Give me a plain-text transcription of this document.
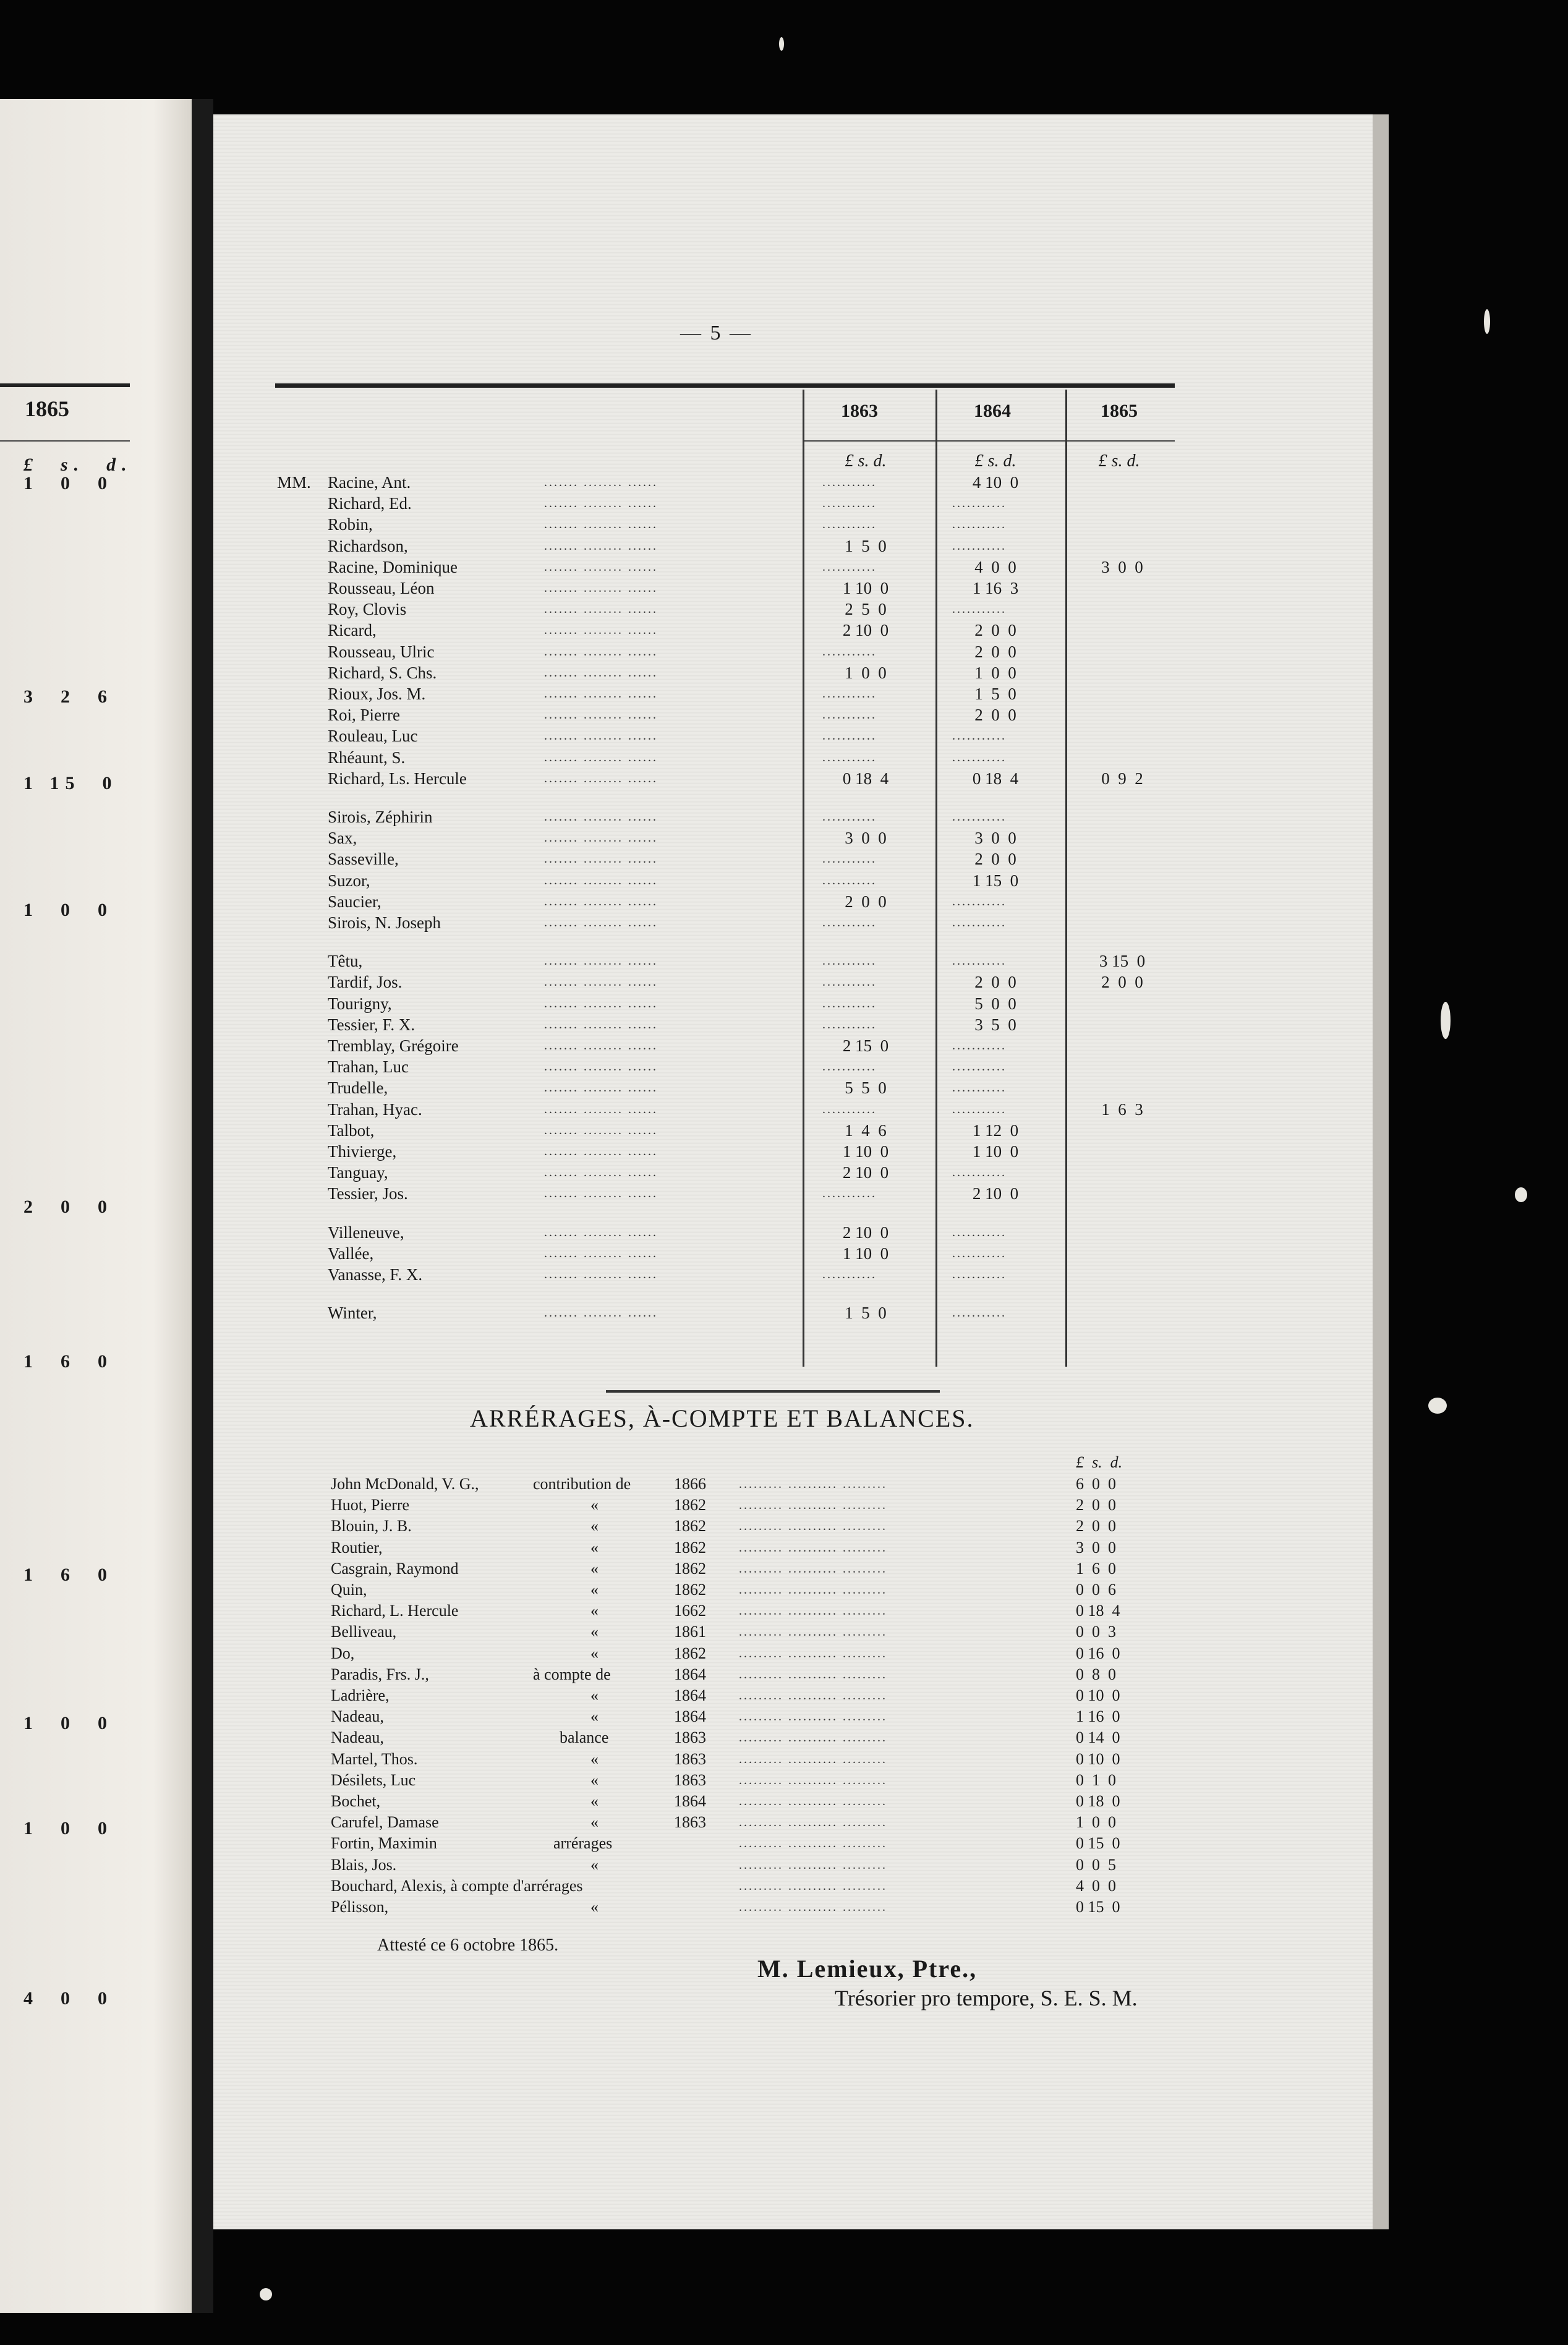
1865
£  s.  d.
1  0  0
3  2  6
1 15  0
1  0  0
2  0  0
1  6  0
1  6  0
1  0  0
1  0  0
4  0  0
— 5 —
1863	1864	1865
£ s. d.	£ s. d.	£ s. d.
MM. Racine, Ant.	....... ........ ......	...........	4 10  0
Richard, Ed.	....... ........ ......	...........	...........
Robin,	....... ........ ......	...........	...........
Richardson,	....... ........ ......	1  5  0	...........
Racine, Dominique	....... ........ ......	...........	4  0  0	3  0  0
Rousseau, Léon	....... ........ ......	1 10  0	1 16  3
Roy, Clovis	....... ........ ......	2  5  0	...........
Ricard,	....... ........ ......	2 10  0	2  0  0
Rousseau, Ulric	....... ........ ......	...........	2  0  0
Richard, S. Chs.	....... ........ ......	1  0  0	1  0  0
Rioux, Jos. M.	....... ........ ......	...........	1  5  0
Roi, Pierre	....... ........ ......	...........	2  0  0
Rouleau, Luc	....... ........ ......	...........	...........
Rhéaunt, S.	....... ........ ......	...........	...........
Richard, Ls. Hercule	....... ........ ......	0 18  4	0 18  4	0  9  2
Sirois, Zéphirin	....... ........ ......	...........	...........
Sax,	....... ........ ......	3  0  0	3  0  0
Sasseville,	....... ........ ......	...........	2  0  0
Suzor,	....... ........ ......	...........	1 15  0
Saucier,	....... ........ ......	2  0  0	...........
Sirois, N. Joseph	....... ........ ......	...........	...........
Têtu,	....... ........ ......	...........	...........	3 15  0
Tardif, Jos.	....... ........ ......	...........	2  0  0	2  0  0
Tourigny,	....... ........ ......	...........	5  0  0
Tessier, F. X.	....... ........ ......	...........	3  5  0
Tremblay, Grégoire	....... ........ ......	2 15  0	...........
Trahan, Luc	....... ........ ......	...........	...........
Trudelle,	....... ........ ......	5  5  0	...........
Trahan, Hyac.	....... ........ ......	...........	...........	1  6  3
Talbot,	....... ........ ......	1  4  6	1 12  0
Thivierge,	....... ........ ......	1 10  0	1 10  0
Tanguay,	....... ........ ......	2 10  0	...........
Tessier, Jos.	....... ........ ......	...........	2 10  0
Villeneuve,	....... ........ ......	2 10  0	...........
Vallée,	....... ........ ......	1 10  0	...........
Vanasse, F. X.	....... ........ ......	...........	...........
Winter,	....... ........ ......	1  5  0	...........
ARRÉRAGES, À-COMPTE ET BALANCES.
£  s.  d.
John McDonald, V. G.,	contribution de	1866	......... .......... .........	6  0  0
Huot, Pierre	«	1862	......... .......... .........	2  0  0
Blouin, J. B.	«	1862	......... .......... .........	2  0  0
Routier,	«	1862	......... .......... .........	3  0  0
Casgrain, Raymond	«	1862	......... .......... .........	1  6  0
Quin,	«	1862	......... .......... .........	0  0  6
Richard, L. Hercule	«	1662	......... .......... .........	0 18  4
Belliveau,	«	1861	......... .......... .........	0  0  3
Do,	«	1862	......... .......... .........	0 16  0
Paradis, Frs. J.,	à compte de	1864	......... .......... .........	0  8  0
Ladrière,	«	1864	......... .......... .........	0 10  0
Nadeau,	«	1864	......... .......... .........	1 16  0
Nadeau,	balance	1863	......... .......... .........	0 14  0
Martel, Thos.	«	1863	......... .......... .........	0 10  0
Désilets, Luc	«	1863	......... .......... .........	0  1  0
Bochet,	«	1864	......... .......... .........	0 18  0
Carufel, Damase	«	1863	......... .......... .........	1  0  0
Fortin, Maximin	arrérages	......... .......... .........	0 15  0
Blais, Jos.	«	......... .......... .........	0  0  5
Bouchard, Alexis, à compte d'arrérages	......... .......... .........	4  0  0
Pélisson,	«	......... .......... .........	0 15  0
Attesté ce 6 octobre 1865.
M. Lemieux, Ptre.,
Trésorier pro tempore, S. E. S. M.
